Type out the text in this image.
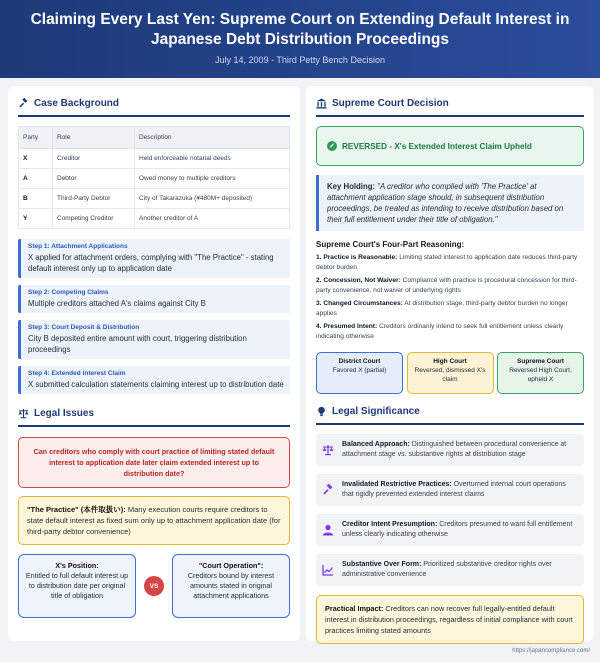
Claiming Every Last Yen: Supreme Court on Extending Default Interest in Japanese Debt Distribution Proceedings
July 14, 2009 - Third Petty Bench Decision
Case Background
Party	Role	Description
X	Creditor	Held enforceable notarial deeds
A	Debtor	Owed money to multiple creditors
B	Third-Party Debtor	City of Takarazuka (¥480M+ deposited)
Y	Competing Creditor	Another creditor of A
Step 1: Attachment Applications
X applied for attachment orders, complying with "The Practice" - stating default interest only up to application date
Step 2: Competing Claims
Multiple creditors attached A's claims against City B
Step 3: Court Deposit & Distribution
City B deposited entire amount with court, triggering distribution proceedings
Step 4: Extended Interest Claim
X submitted calculation statements claiming interest up to distribution date
Legal Issues
Can creditors who comply with court practice of limiting stated default interest to application date later claim extended interest up to distribution date?
"The Practice" (本件取扱い): Many execution courts require creditors to state default interest as fixed sum only up to attachment application date (for third-party debtor convenience)
X's Position:
Entitled to full default interest up to distribution date per original title of obligation
VS
"Court Operation":
Creditors bound by interest amounts stated in original attachment applications
Supreme Court Decision
✓ REVERSED - X's Extended Interest Claim Upheld
Key Holding: "A creditor who complied with 'The Practice' at attachment application stage should, in subsequent distribution proceedings, be treated as intending to receive distribution based on their full entitlement under their title of obligation."
Supreme Court's Four-Part Reasoning:
1. Practice is Reasonable: Limiting stated interest to application date reduces third-party debtor burden
2. Concession, Not Waiver: Compliance with practice is procedural concession for third-party convenience, not waiver of underlying rights
3. Changed Circumstances: At distribution stage, third-party debtor burden no longer applies
4. Presumed Intent: Creditors ordinarily intend to seek full entitlement unless clearly indicating otherwise
District Court
Favored X (partial)
High Court
Reversed, dismissed X's claim
Supreme Court
Reversed High Court, upheld X
Legal Significance
Balanced Approach: Distinguished between procedural convenience at attachment stage vs. substantive rights at distribution stage
Invalidated Restrictive Practices: Overturned internal court operations that rigidly prevented extended interest claims
Creditor Intent Presumption: Creditors presumed to want full entitlement unless clearly indicating otherwise
Substantive Over Form: Prioritized substantive creditor rights over administrative convenience
Practical Impact: Creditors can now recover full legally-entitled default interest in distribution proceedings, regardless of initial compliance with court practices limiting stated amounts
https://japancompliance.com/
